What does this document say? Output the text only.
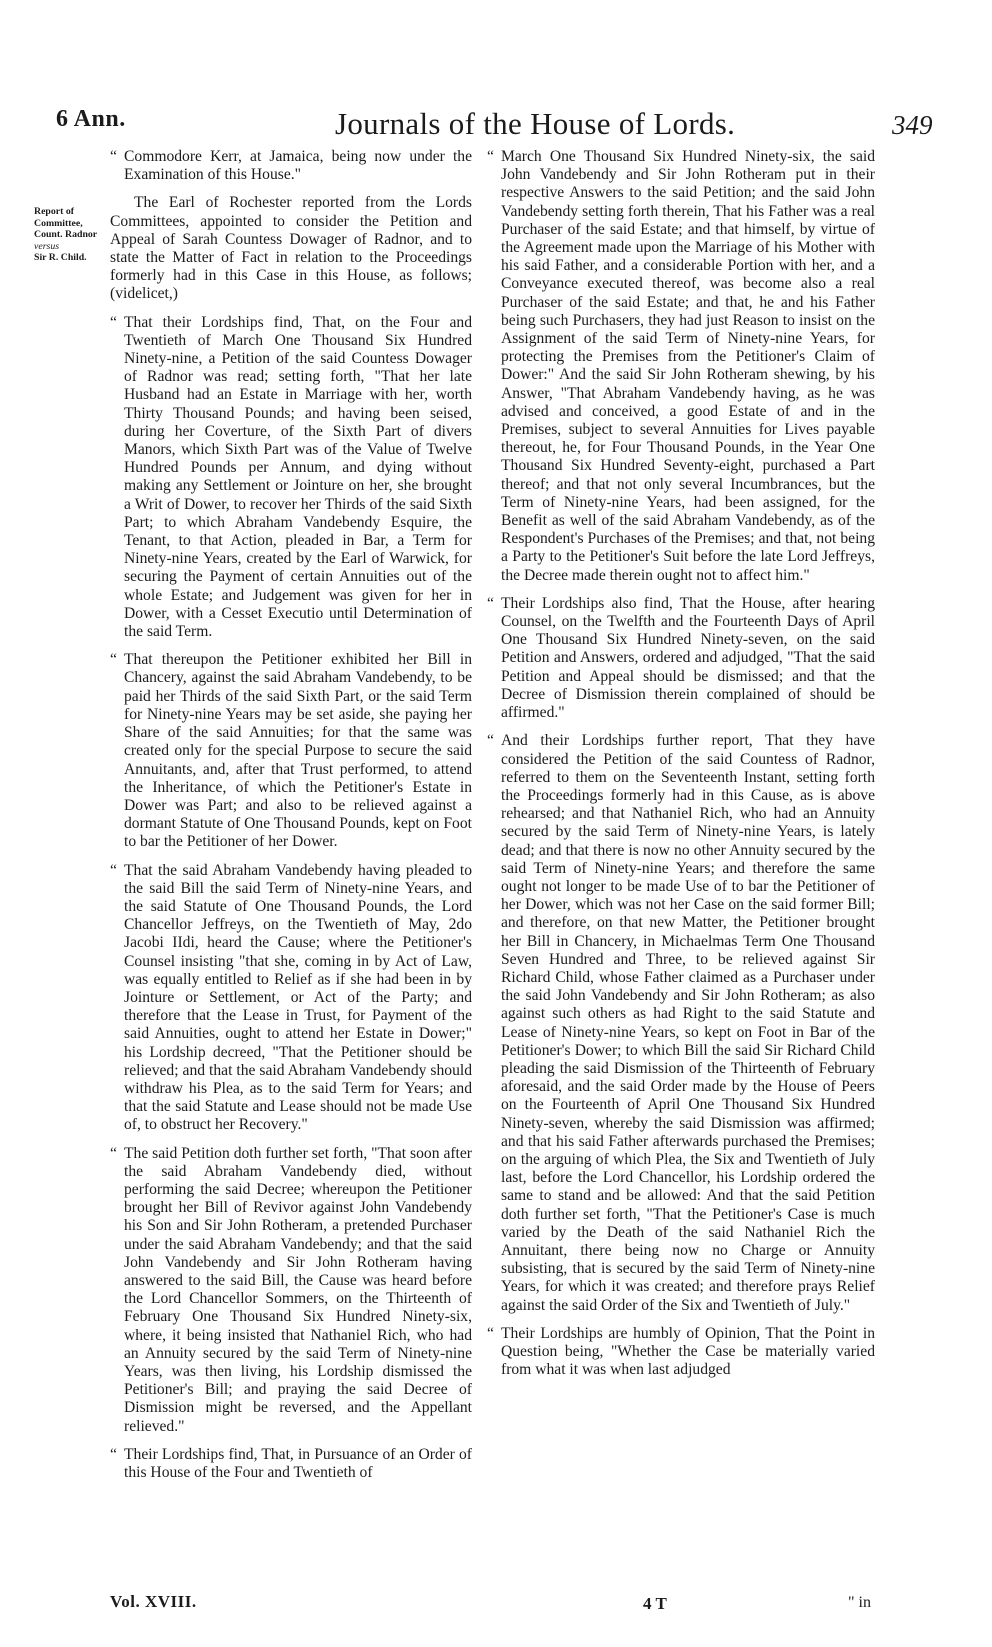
6 Ann.	Journals of the House of Lords.	349
Report of
Committee,
Count. Radnor
versus
Sir R. Child.

“ Commodore Kerr, at Jamaica, being now under the Examination of this House."

The Earl of Rochester reported from the Lords Committees, appointed to consider the Petition and Appeal of Sarah Countess Dowager of Radnor, and to state the Matter of Fact in relation to the Proceedings formerly had in this Case in this House, as follows; (videlicet,)

“ That their Lordships find, That, on the Four and Twentieth of March One Thousand Six Hundred Ninety-nine, a Petition of the said Countess Dowager of Radnor was read; setting forth, "That her late Husband had an Estate in Marriage with her, worth Thirty Thousand Pounds; and having been seised, during her Coverture, of the Sixth Part of divers Manors, which Sixth Part was of the Value of Twelve Hundred Pounds per Annum, and dying without making any Settlement or Jointure on her, she brought a Writ of Dower, to recover her Thirds of the said Sixth Part; to which Abraham Vandebendy Esquire, the Tenant, to that Action, pleaded in Bar, a Term for Ninety-nine Years, created by the Earl of Warwick, for securing the Payment of certain Annuities out of the whole Estate; and Judgement was given for her in Dower, with a Cesset Executio until Determination of the said Term.

“ That thereupon the Petitioner exhibited her Bill in Chancery, against the said Abraham Vandebendy, to be paid her Thirds of the said Sixth Part, or the said Term for Ninety-nine Years may be set aside, she paying her Share of the said Annuities; for that the same was created only for the special Purpose to secure the said Annuitants, and, after that Trust performed, to attend the Inheritance, of which the Petitioner's Estate in Dower was Part; and also to be relieved against a dormant Statute of One Thousand Pounds, kept on Foot to bar the Petitioner of her Dower.

“ That the said Abraham Vandebendy having pleaded to the said Bill the said Term of Ninety-nine Years, and the said Statute of One Thousand Pounds, the Lord Chancellor Jeffreys, on the Twentieth of May, 2do Jacobi IIdi, heard the Cause; where the Petitioner's Counsel insisting "that she, coming in by Act of Law, was equally entitled to Relief as if she had been in by Jointure or Settlement, or Act of the Party; and therefore that the Lease in Trust, for Payment of the said Annuities, ought to attend her Estate in Dower;" his Lordship decreed, "That the Petitioner should be relieved; and that the said Abraham Vandebendy should withdraw his Plea, as to the said Term for Years; and that the said Statute and Lease should not be made Use of, to obstruct her Recovery."

“ The said Petition doth further set forth, "That soon after the said Abraham Vandebendy died, without performing the said Decree; whereupon the Petitioner brought her Bill of Revivor against John Vandebendy his Son and Sir John Rotheram, a pretended Purchaser under the said Abraham Vandebendy; and that the said John Vandebendy and Sir John Rotheram having answered to the said Bill, the Cause was heard before the Lord Chancellor Sommers, on the Thirteenth of February One Thousand Six Hundred Ninety-six, where, it being insisted that Nathaniel Rich, who had an Annuity secured by the said Term of Ninety-nine Years, was then living, his Lordship dismissed the Petitioner's Bill; and praying the said Decree of Dismission might be reversed, and the Appellant relieved."

“ Their Lordships find, That, in Pursuance of an Order of this House of the Four and Twentieth of

“ March One Thousand Six Hundred Ninety-six, the said John Vandebendy and Sir John Rotheram put in their respective Answers to the said Petition; and the said John Vandebendy setting forth therein, That his Father was a real Purchaser of the said Estate; and that himself, by virtue of the Agreement made upon the Marriage of his Mother with his said Father, and a considerable Portion with her, and a Conveyance executed thereof, was become also a real Purchaser of the said Estate; and that, he and his Father being such Purchasers, they had just Reason to insist on the Assignment of the said Term of Ninety-nine Years, for protecting the Premises from the Petitioner's Claim of Dower:" And the said Sir John Rotheram shewing, by his Answer, "That Abraham Vandebendy having, as he was advised and conceived, a good Estate of and in the Premises, subject to several Annuities for Lives payable thereout, he, for Four Thousand Pounds, in the Year One Thousand Six Hundred Seventy-eight, purchased a Part thereof; and that not only several Incumbrances, but the Term of Ninety-nine Years, had been assigned, for the Benefit as well of the said Abraham Vandebendy, as of the Respondent's Purchases of the Premises; and that, not being a Party to the Petitioner's Suit before the late Lord Jeffreys, the Decree made therein ought not to affect him."

“ Their Lordships also find, That the House, after hearing Counsel, on the Twelfth and the Fourteenth Days of April One Thousand Six Hundred Ninety-seven, on the said Petition and Answers, ordered and adjudged, "That the said Petition and Appeal should be dismissed; and that the Decree of Dismission therein complained of should be affirmed."

“ And their Lordships further report, That they have considered the Petition of the said Countess of Radnor, referred to them on the Seventeenth Instant, setting forth the Proceedings formerly had in this Cause, as is above rehearsed; and that Nathaniel Rich, who had an Annuity secured by the said Term of Ninety-nine Years, is lately dead; and that there is now no other Annuity secured by the said Term of Ninety-nine Years; and therefore the same ought not longer to be made Use of to bar the Petitioner of her Dower, which was not her Case on the said former Bill; and therefore, on that new Matter, the Petitioner brought her Bill in Chancery, in Michaelmas Term One Thousand Seven Hundred and Three, to be relieved against Sir Richard Child, whose Father claimed as a Purchaser under the said John Vandebendy and Sir John Rotheram; as also against such others as had Right to the said Statute and Lease of Ninety-nine Years, so kept on Foot in Bar of the Petitioner's Dower; to which Bill the said Sir Richard Child pleading the said Dismission of the Thirteenth of February aforesaid, and the said Order made by the House of Peers on the Fourteenth of April One Thousand Six Hundred Ninety-seven, whereby the said Dismission was affirmed; and that his said Father afterwards purchased the Premises; on the arguing of which Plea, the Six and Twentieth of July last, before the Lord Chancellor, his Lordship ordered the same to stand and be allowed: And that the said Petition doth further set forth, "That the Petitioner's Case is much varied by the Death of the said Nathaniel Rich the Annuitant, there being now no Charge or Annuity subsisting, that is secured by the said Term of Ninety-nine Years, for which it was created; and therefore prays Relief against the said Order of the Six and Twentieth of July."

“ Their Lordships are humbly of Opinion, That the Point in Question being, "Whether the Case be materially varied from what it was when last adjudged

Vol. XVIII.	4 T	" in
